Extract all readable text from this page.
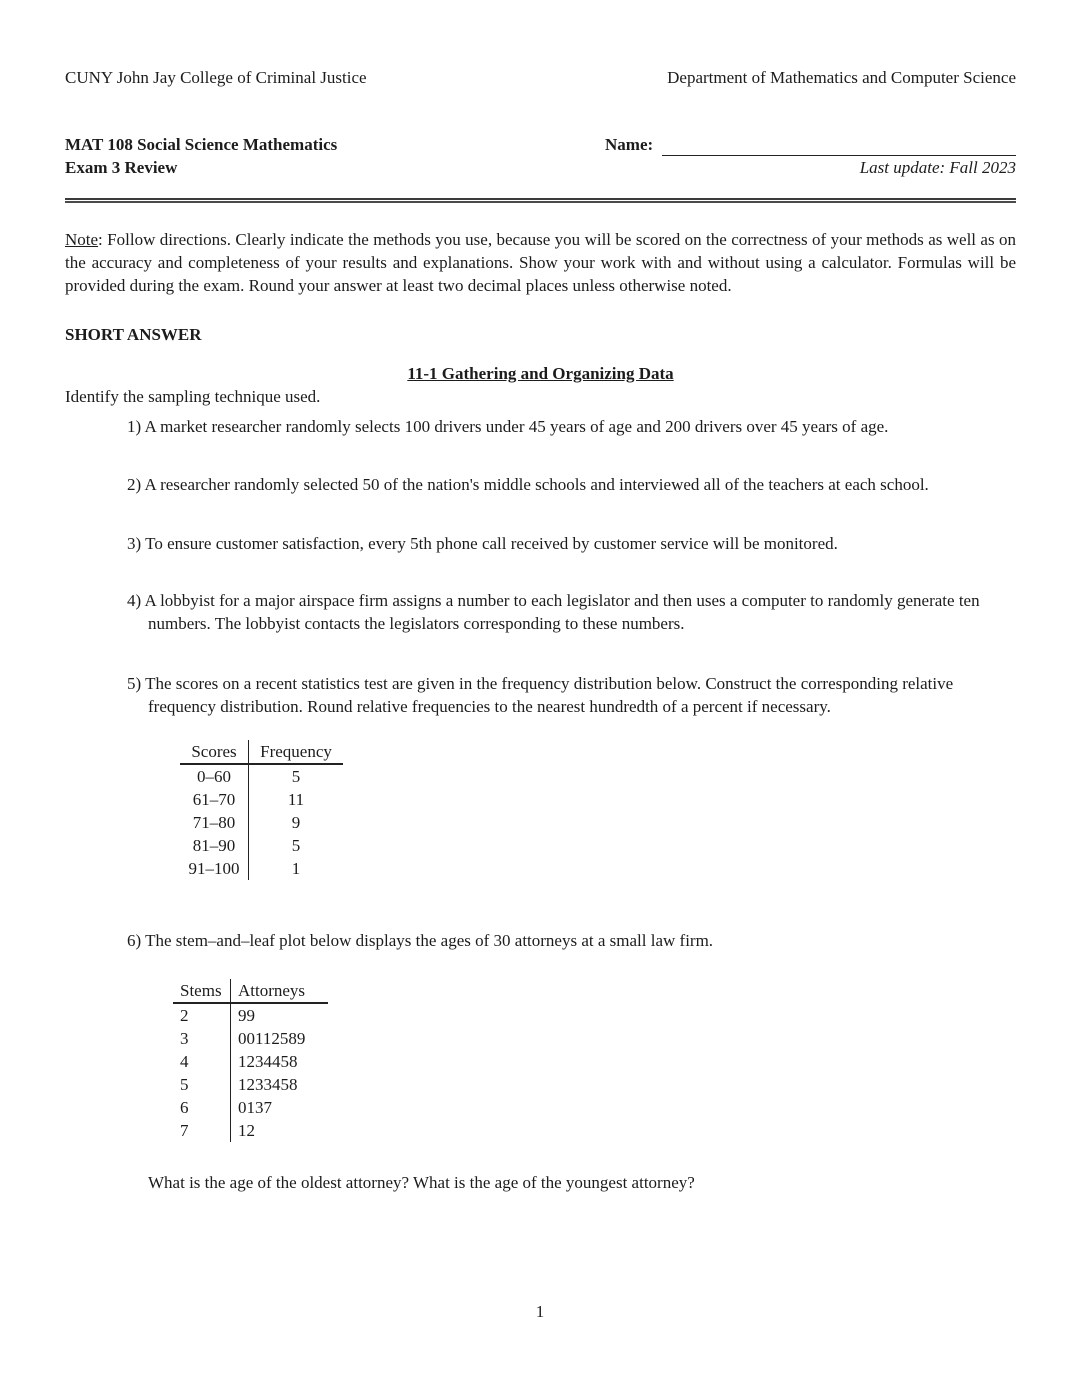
CUNY John Jay College of Criminal Justice	Department of Mathematics and Computer Science
MAT 108 Social Science Mathematics
Exam 3 Review
Name:
Last update: Fall 2023

Note: Follow directions. Clearly indicate the methods you use, because you will be scored on the correctness of your methods as well as on the accuracy and completeness of your results and explanations. Show your work with and without using a calculator. Formulas will be provided during the exam. Round your answer at least two decimal places unless otherwise noted.

SHORT ANSWER
11-1 Gathering and Organizing Data
Identify the sampling technique used.
1) A market researcher randomly selects 100 drivers under 45 years of age and 200 drivers over 45 years of age.
2) A researcher randomly selected 50 of the nation's middle schools and interviewed all of the teachers at each school.
3) To ensure customer satisfaction, every 5th phone call received by customer service will be monitored.
4) A lobbyist for a major airspace firm assigns a number to each legislator and then uses a computer to randomly generate ten numbers. The lobbyist contacts the legislators corresponding to these numbers.
5) The scores on a recent statistics test are given in the frequency distribution below. Construct the corresponding relative frequency distribution. Round relative frequencies to the nearest hundredth of a percent if necessary.
Scores	Frequency
0–60	5
61–70	11
71–80	9
81–90	5
91–100	1
6) The stem–and–leaf plot below displays the ages of 30 attorneys at a small law firm.
Stems	Attorneys
2	99
3	00112589
4	1234458
5	1233458
6	0137
7	12
What is the age of the oldest attorney? What is the age of the youngest attorney?
1
